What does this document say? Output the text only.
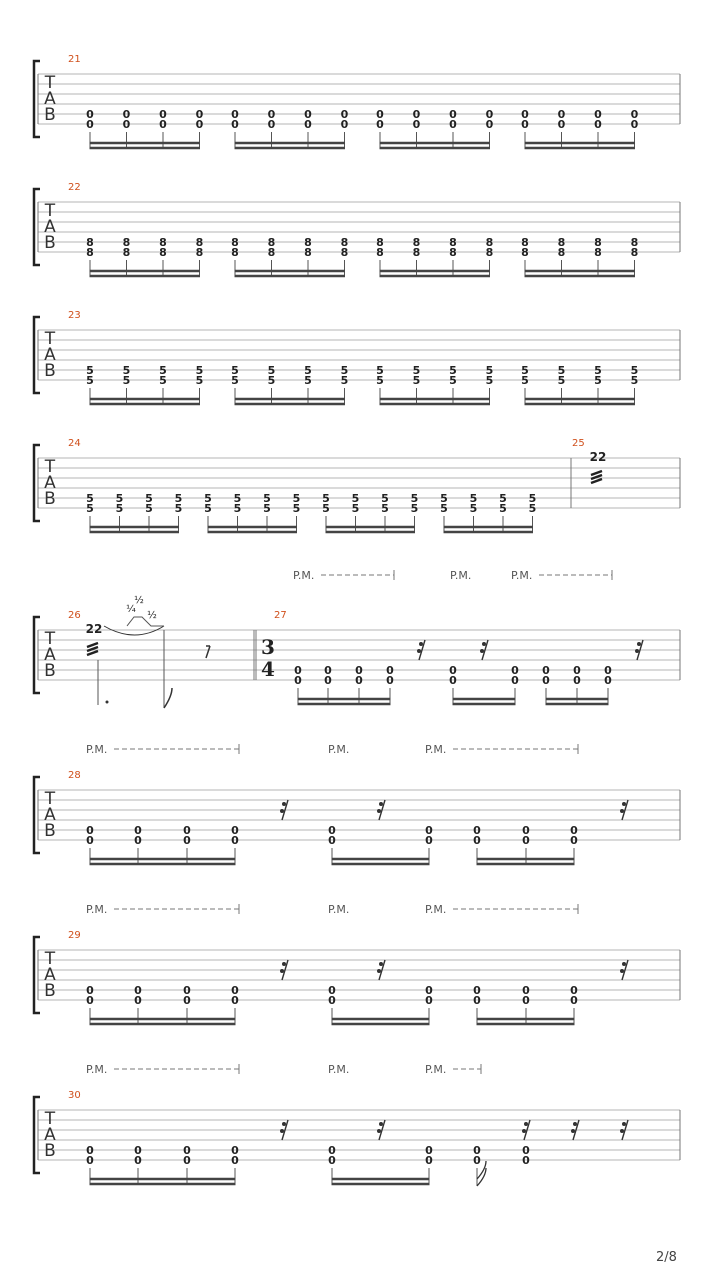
T
A
B
21
0
0
0
0
0
0
0
0
0
0
0
0
0
0
0
0
0
0
0
0
0
0
0
0
0
0
0
0
0
0
0
0
T
A
B
22
8
8
8
8
8
8
8
8
8
8
8
8
8
8
8
8
8
8
8
8
8
8
8
8
8
8
8
8
8
8
8
8
T
A
B
23
5
5
5
5
5
5
5
5
5
5
5
5
5
5
5
5
5
5
5
5
5
5
5
5
5
5
5
5
5
5
5
5
T
A
B
24
5
5
5
5
5
5
5
5
5
5
5
5
5
5
5
5
5
5
5
5
5
5
5
5
5
5
5
5
5
5
5
5
25
22
T
A
B
P.M.	P.M.	P.M.
26
22
¼
½
½	27
3
4 0
0
0
0
0
0
0
0
0
0
0
0
0
0
0
0
0
0
T
A
B
P.M.	P.M.	P.M.
28
0
0
0
0
0
0
0
0
0
0
0
0
0
0
0
0
0
0
T
A
B
P.M.	P.M.	P.M.
29
0
0
0
0
0
0
0
0
0
0
0
0
0
0
0
0
0
0
T
A
B
P.M.	P.M.	P.M.
30
0
0
0
0
0
0
0
0
0
0
0
0
0
0
0
0
2/8
